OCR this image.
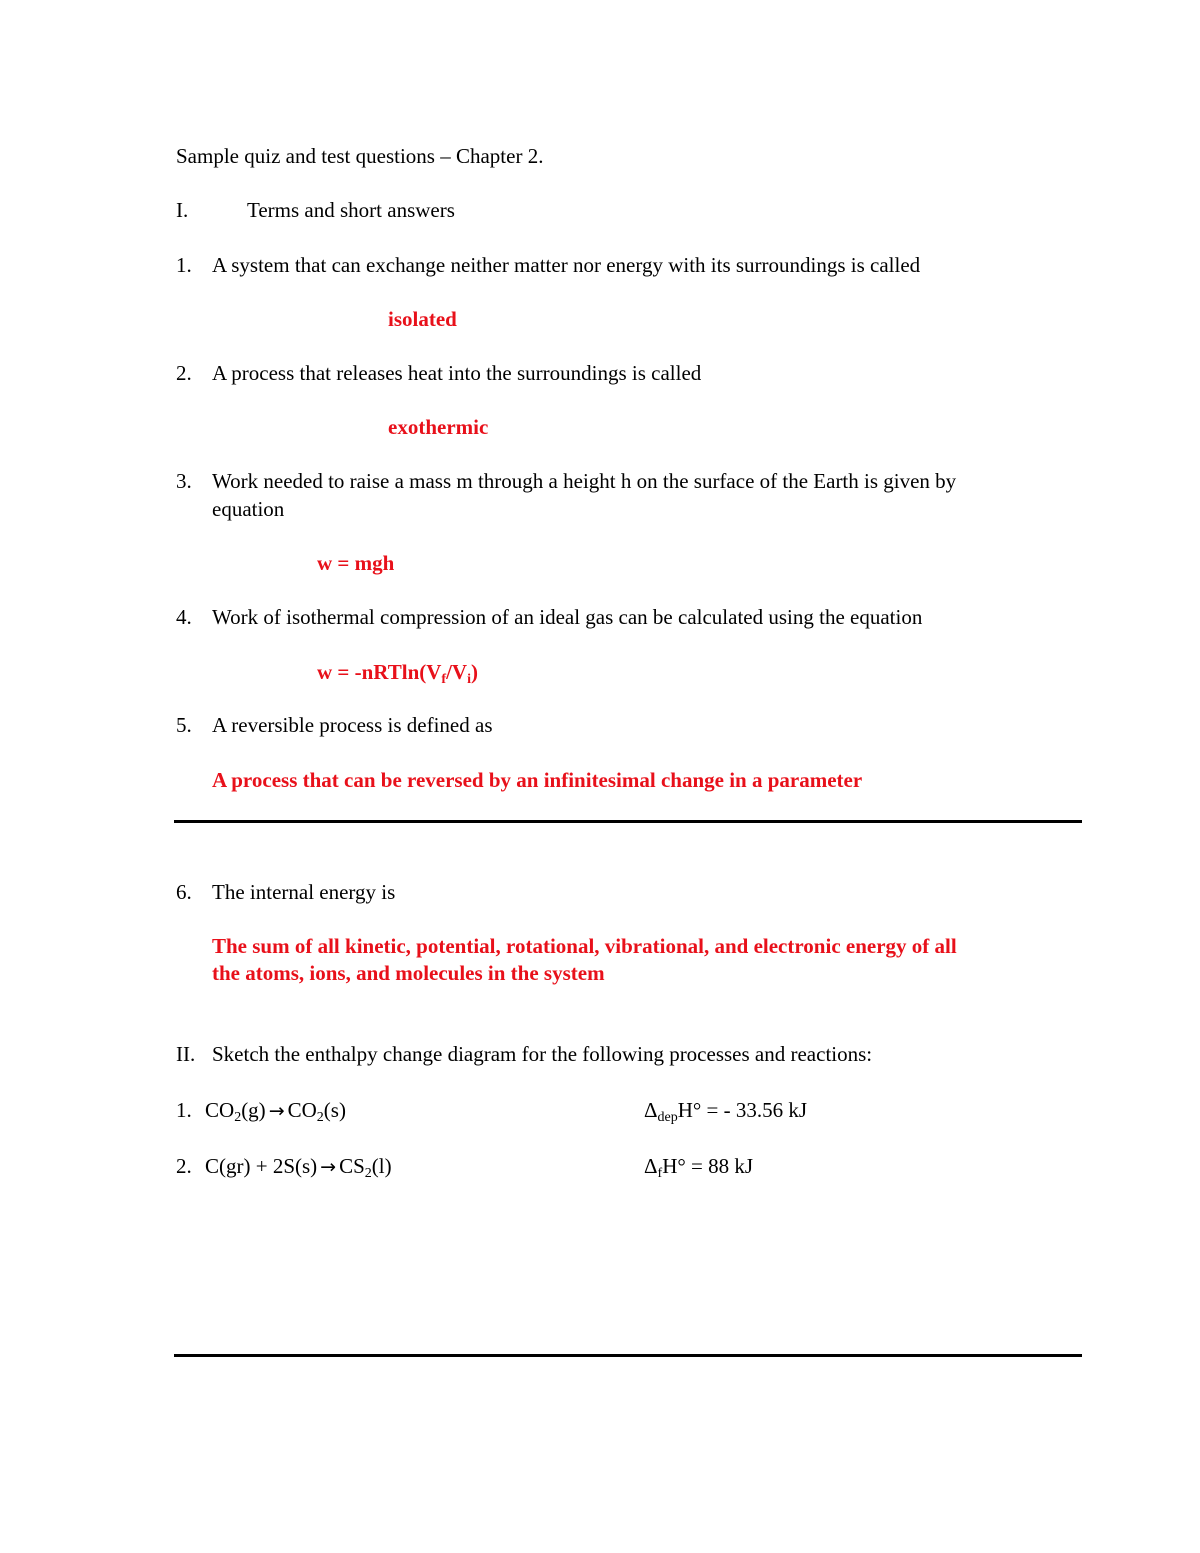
Sample quiz and test questions – Chapter 2.
I.	Terms and short answers
1. A system that can exchange neither matter nor energy with its surroundings is called
isolated
2. A process that releases heat into the surroundings is called
exothermic
3. Work needed to raise a mass m through a height h on the surface of the Earth is given by
equation
w = mgh
4. Work of isothermal compression of an ideal gas can be calculated using the equation
$w = -nRTln(V_f/V_i)$
5. A reversible process is defined as
A process that can be reversed by an infinitesimal change in a parameter
6. The internal energy is
The sum of all kinetic, potential, rotational, vibrational, and electronic energy of all
the atoms, ions, and molecules in the system
II. Sketch the enthalpy change diagram for the following processes and reactions:
1. $CO_2(g) \to CO_2(s)$	$\Delta_{dep}H^\circ$ = - 33.56 kJ
2. $C(gr) + 2S(s) \to CS_2(l)$	$\Delta_fH^\circ = 88$ kJ
